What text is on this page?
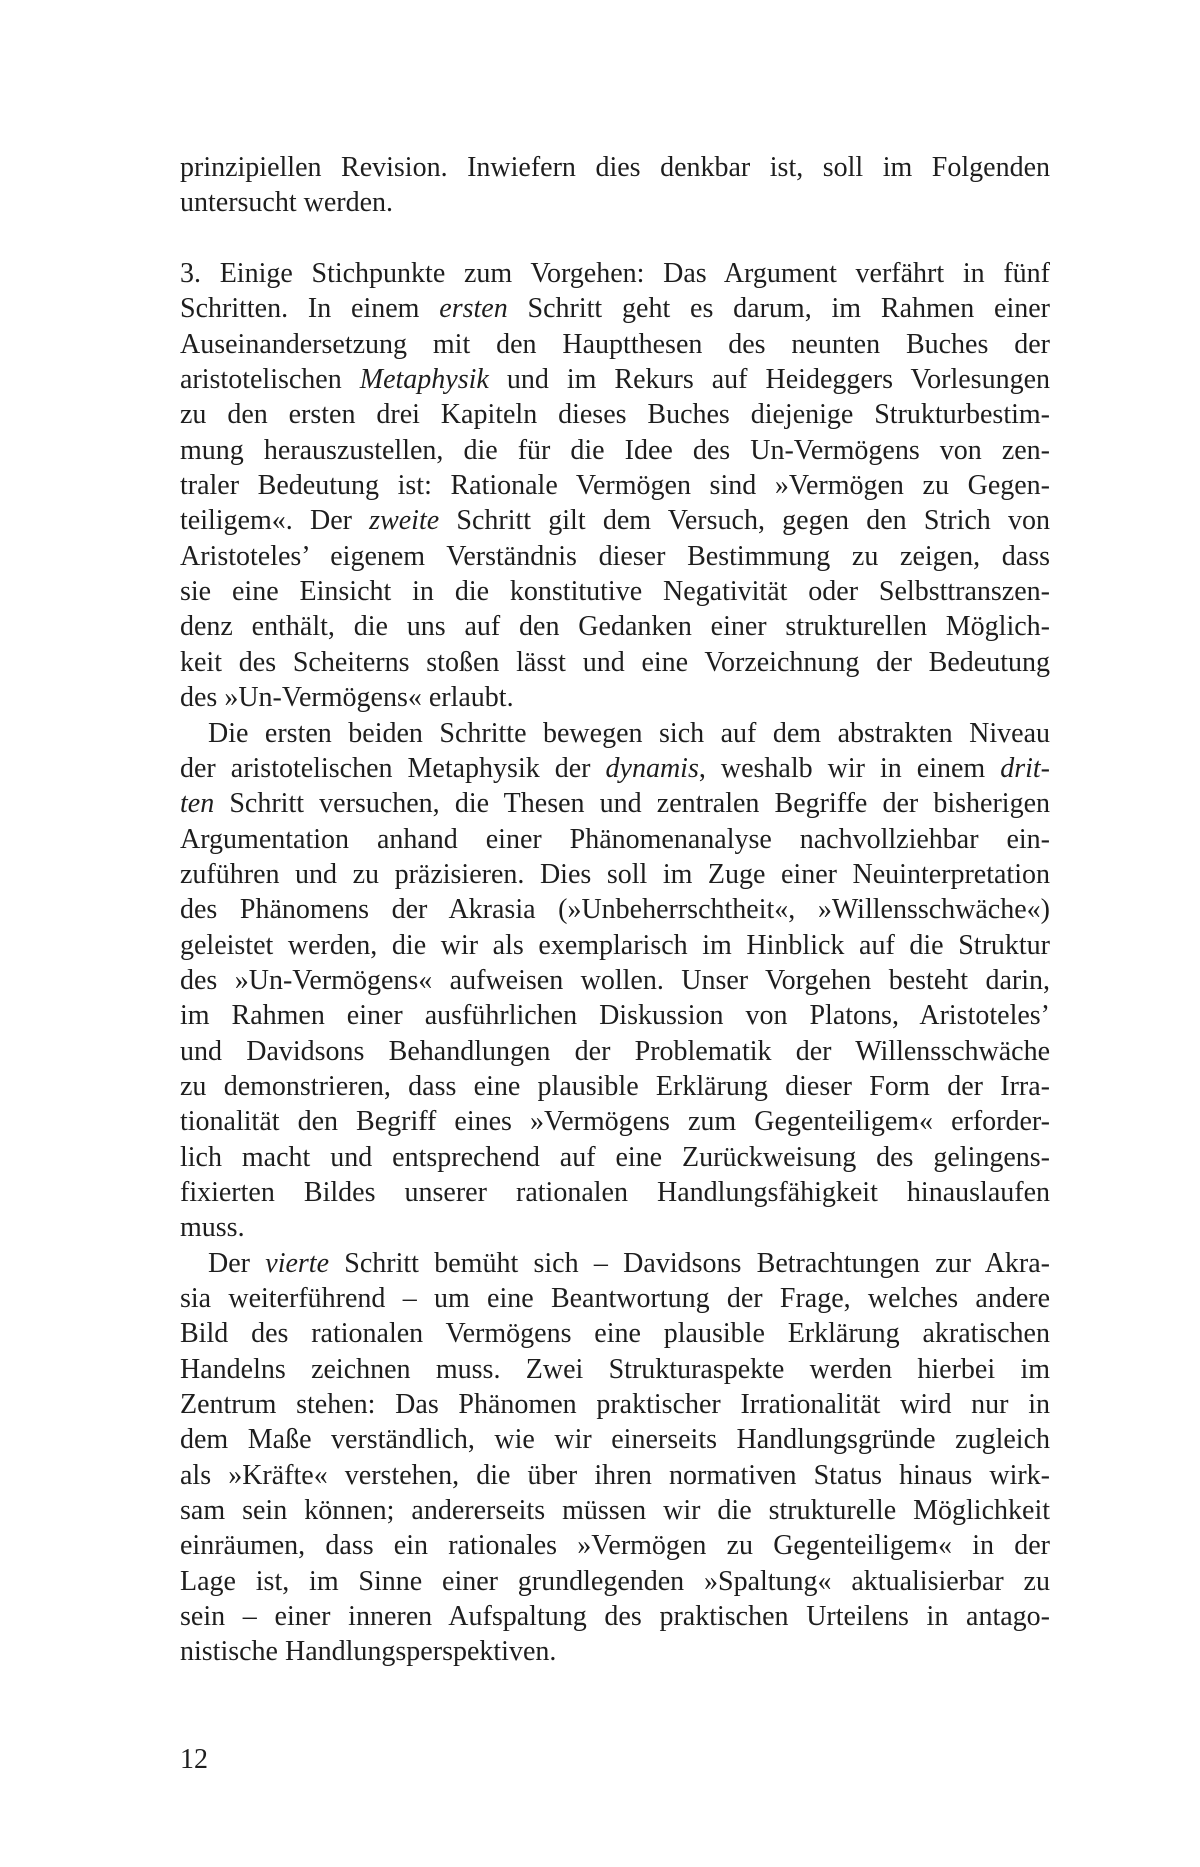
prinzipiellen Revision. Inwiefern dies denkbar ist, soll im Folgenden
untersucht werden.
3. Einige Stichpunkte zum Vorgehen: Das Argument verfährt in fünf
Schritten. In einem ersten Schritt geht es darum, im Rahmen einer
Auseinandersetzung mit den Hauptthesen des neunten Buches der
aristotelischen Metaphysik und im Rekurs auf Heideggers Vorlesungen
zu den ersten drei Kapiteln dieses Buches diejenige Strukturbestim-
mung herauszustellen, die für die Idee des Un-Vermögens von zen-
traler Bedeutung ist: Rationale Vermögen sind »Vermögen zu Gegen-
teiligem«. Der zweite Schritt gilt dem Versuch, gegen den Strich von
Aristoteles’ eigenem Verständnis dieser Bestimmung zu zeigen, dass
sie eine Einsicht in die konstitutive Negativität oder Selbsttranszen-
denz enthält, die uns auf den Gedanken einer strukturellen Möglich-
keit des Scheiterns stoßen lässt und eine Vorzeichnung der Bedeutung
des »Un-Vermögens« erlaubt.
Die ersten beiden Schritte bewegen sich auf dem abstrakten Niveau
der aristotelischen Metaphysik der dynamis, weshalb wir in einem drit-
ten Schritt versuchen, die Thesen und zentralen Begriffe der bisherigen
Argumentation anhand einer Phänomenanalyse nachvollziehbar ein-
zuführen und zu präzisieren. Dies soll im Zuge einer Neuinterpretation
des Phänomens der Akrasia (»Unbeherrschtheit«, »Willensschwäche«)
geleistet werden, die wir als exemplarisch im Hinblick auf die Struktur
des »Un-Vermögens« aufweisen wollen. Unser Vorgehen besteht darin,
im Rahmen einer ausführlichen Diskussion von Platons, Aristoteles’
und Davidsons Behandlungen der Problematik der Willensschwäche
zu demonstrieren, dass eine plausible Erklärung dieser Form der Irra-
tionalität den Begriff eines »Vermögens zum Gegenteiligem« erforder-
lich macht und entsprechend auf eine Zurückweisung des gelingens-
fixierten Bildes unserer rationalen Handlungsfähigkeit hinauslaufen
muss.
Der vierte Schritt bemüht sich – Davidsons Betrachtungen zur Akra-
sia weiterführend – um eine Beantwortung der Frage, welches andere
Bild des rationalen Vermögens eine plausible Erklärung akratischen
Handelns zeichnen muss. Zwei Strukturaspekte werden hierbei im
Zentrum stehen: Das Phänomen praktischer Irrationalität wird nur in
dem Maße verständlich, wie wir einerseits Handlungsgründe zugleich
als »Kräfte« verstehen, die über ihren normativen Status hinaus wirk-
sam sein können; andererseits müssen wir die strukturelle Möglichkeit
einräumen, dass ein rationales »Vermögen zu Gegenteiligem« in der
Lage ist, im Sinne einer grundlegenden »Spaltung« aktualisierbar zu
sein – einer inneren Aufspaltung des praktischen Urteilens in antago-
nistische Handlungsperspektiven.
12
